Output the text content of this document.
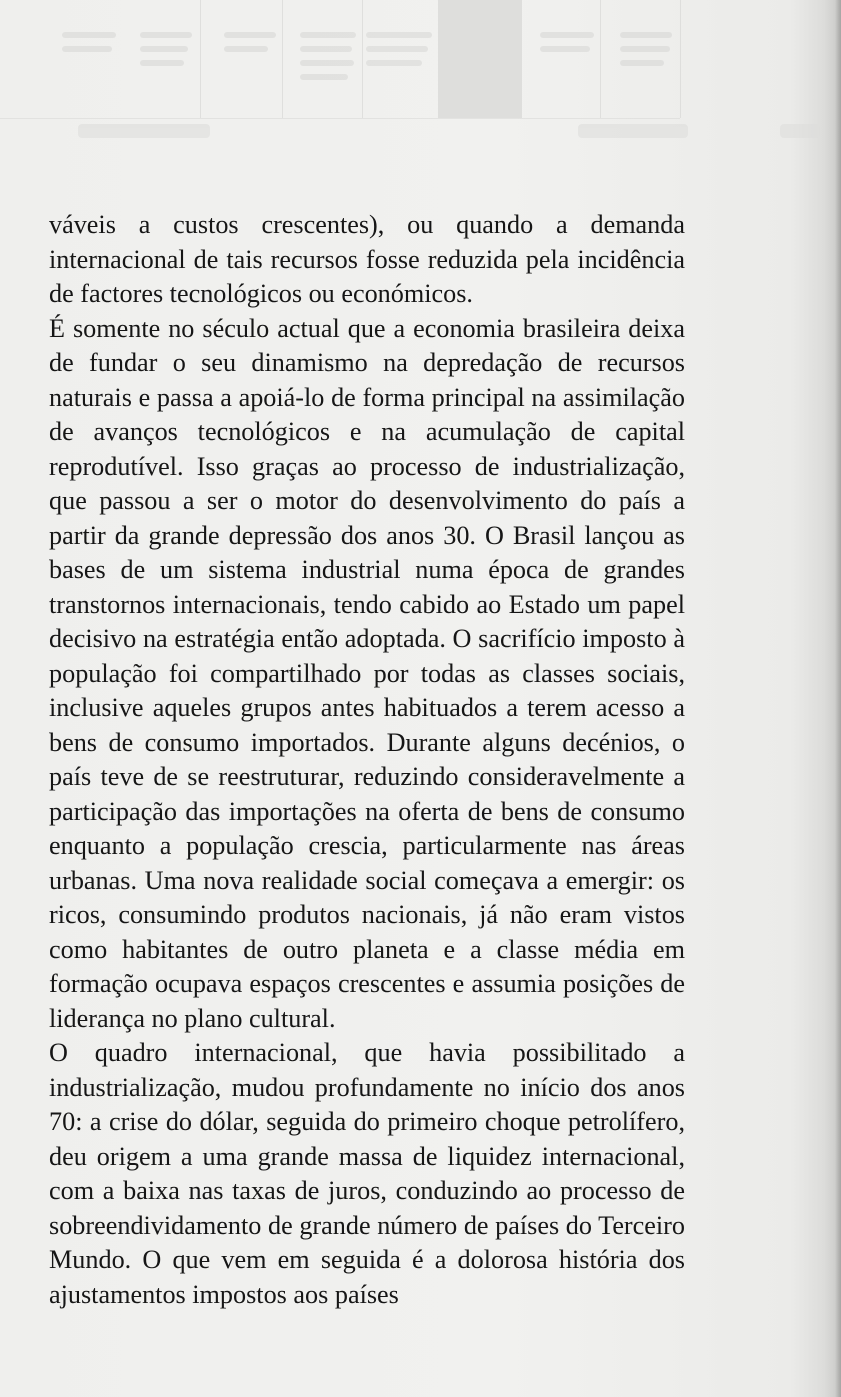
váveis a custos crescentes), ou quando a demanda internacional de tais recursos fosse reduzida pela incidência de factores tecnológicos ou económicos.

É somente no século actual que a economia brasileira deixa de fundar o seu dinamismo na depredação de recursos naturais e passa a apoiá-lo de forma principal na assimilação de avanços tecnológicos e na acumulação de capital reprodutível. Isso graças ao processo de industrialização, que passou a ser o motor do desenvolvimento do país a partir da grande depressão dos anos 30. O Brasil lançou as bases de um sistema industrial numa época de grandes transtornos internacionais, tendo cabido ao Estado um papel decisivo na estratégia então adoptada. O sacrifício imposto à população foi compartilhado por todas as classes sociais, inclusive aqueles grupos antes habituados a terem acesso a bens de consumo importados. Durante alguns decénios, o país teve de se reestruturar, reduzindo consideravelmente a participação das importações na oferta de bens de consumo enquanto a população crescia, particularmente nas áreas urbanas. Uma nova realidade social começava a emergir: os ricos, consumindo produtos nacionais, já não eram vistos como habitantes de outro planeta e a classe média em formação ocupava espaços crescentes e assumia posições de liderança no plano cultural.

O quadro internacional, que havia possibilitado a industrialização, mudou profundamente no início dos anos 70: a crise do dólar, seguida do primeiro choque petrolífero, deu origem a uma grande massa de liquidez internacional, com a baixa nas taxas de juros, conduzindo ao processo de sobreendividamento de grande número de países do Terceiro Mundo. O que vem em seguida é a dolorosa história dos ajustamentos impostos aos países
